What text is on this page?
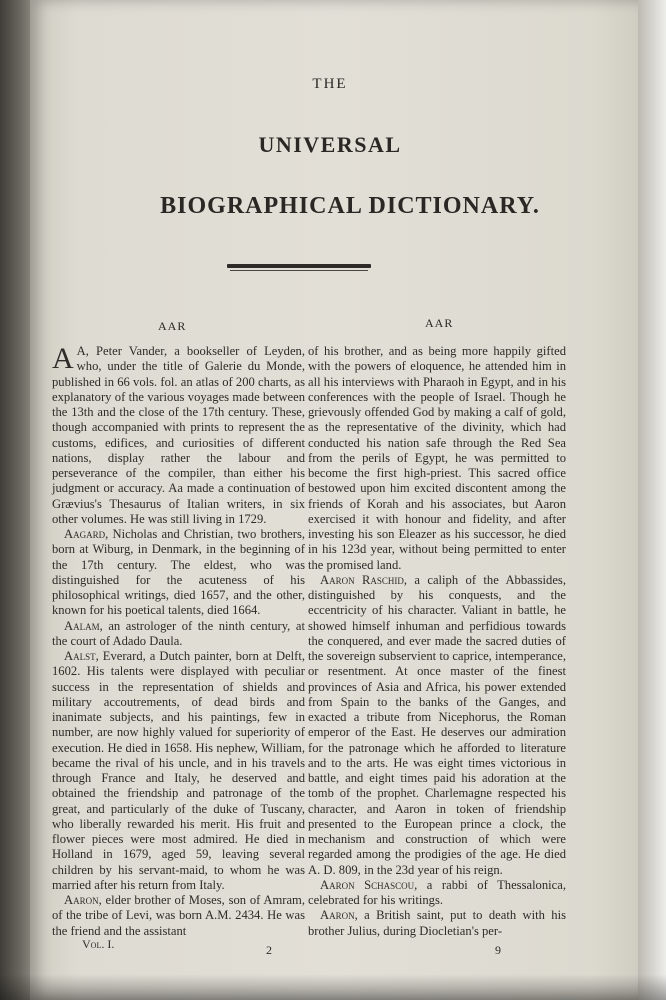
THE
UNIVERSAL
BIOGRAPHICAL DICTIONARY.
AAR	AAR

A A, Peter Vander, a bookseller of Leyden, who, under the title of Galerie du Monde, published in 66 vols. fol. an atlas of 200 charts, as explanatory of the various voyages made between the 13th and the close of the 17th century. These, though accompanied with prints to represent the customs, edifices, and curiosities of different nations, display rather the labour and perseverance of the compiler, than either his judgment or accuracy. Aa made a continuation of Grævius's Thesaurus of Italian writers, in six other volumes. He was still living in 1729.

Aagard, Nicholas and Christian, two brothers, born at Wiburg, in Denmark, in the beginning of the 17th century. The eldest, who was distinguished for the acuteness of his philosophical writings, died 1657, and the other, known for his poetical talents, died 1664.

Aalam, an astrologer of the ninth century, at the court of Adado Daula.

Aalst, Everard, a Dutch painter, born at Delft, 1602. His talents were displayed with peculiar success in the representation of shields and military accoutrements, of dead birds and inanimate subjects, and his paintings, few in number, are now highly valued for superiority of execution. He died in 1658. His nephew, William, became the rival of his uncle, and in his travels through France and Italy, he deserved and obtained the friendship and patronage of the great, and particularly of the duke of Tuscany, who liberally rewarded his merit. His fruit and flower pieces were most admired. He died in Holland in 1679, aged 59, leaving several children by his servant-maid, to whom he was married after his return from Italy.

Aaron, elder brother of Moses, son of Amram, of the tribe of Levi, was born A.M. 2434. He was the friend and the assistant

of his brother, and as being more happily gifted with the powers of eloquence, he attended him in all his interviews with Pharaoh in Egypt, and in his conferences with the people of Israel. Though he grievously offended God by making a calf of gold, as the representative of the divinity, which had conducted his nation safe through the Red Sea from the perils of Egypt, he was permitted to become the first high-priest. This sacred office bestowed upon him excited discontent among the friends of Korah and his associates, but Aaron exercised it with honour and fidelity, and after investing his son Eleazer as his successor, he died in his 123d year, without being permitted to enter the promised land.

Aaron Raschid, a caliph of the Abbassides, distinguished by his conquests, and the eccentricity of his character. Valiant in battle, he showed himself inhuman and perfidious towards the conquered, and ever made the sacred duties of the sovereign subservient to caprice, intemperance, or resentment. At once master of the finest provinces of Asia and Africa, his power extended from Spain to the banks of the Ganges, and exacted a tribute from Nicephorus, the Roman emperor of the East. He deserves our admiration for the patronage which he afforded to literature and to the arts. He was eight times victorious in battle, and eight times paid his adoration at the tomb of the prophet. Charlemagne respected his character, and Aaron in token of friendship presented to the European prince a clock, the mechanism and construction of which were regarded among the prodigies of the age. He died A. D. 809, in the 23d year of his reign.

Aaron Schascou, a rabbi of Thessalonica, celebrated for his writings.

Aaron, a British saint, put to death with his brother Julius, during Diocletian's per-

Vol. I.	2	9
